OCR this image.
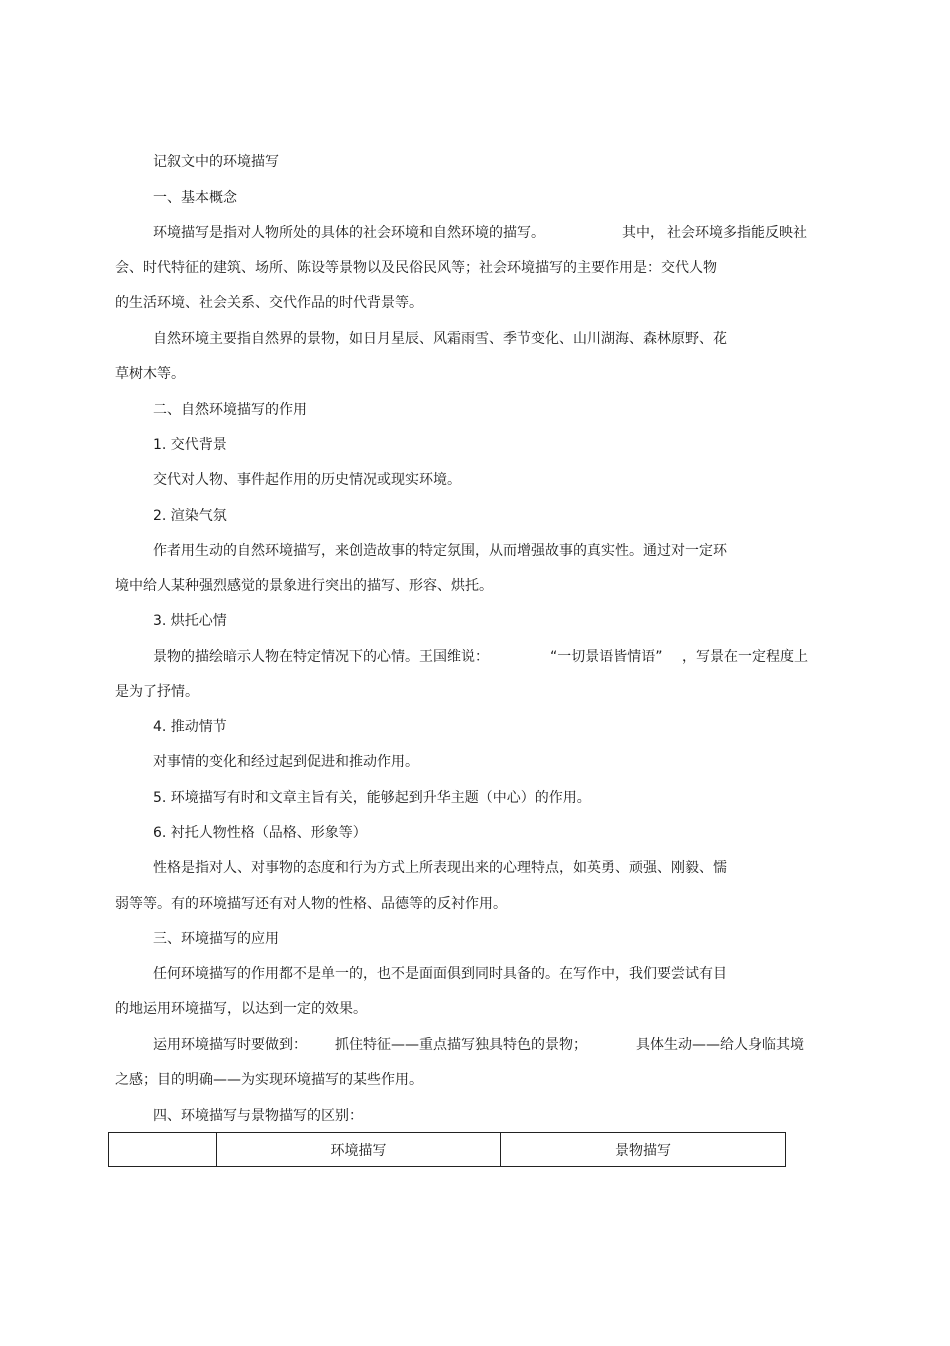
记叙文中的环境描写
一、基本概念
环境描写是指对人物所处的具体的社会环境和自然环境的描写。	其中， 社会环境多指能反映社
会、时代特征的建筑、场所、陈设等景物以及民俗民风等；社会环境描写的主要作用是：交代人物
的生活环境、社会关系、交代作品的时代背景等。
自然环境主要指自然界的景物，如日月星辰、风霜雨雪、季节变化、山川湖海、森林原野、花
草树木等。
二、自然环境描写的作用
1. 交代背景
交代对人物、事件起作用的历史情况或现实环境。
2. 渲染气氛
作者用生动的自然环境描写，来创造故事的特定氛围，从而增强故事的真实性。通过对一定环
境中给人某种强烈感觉的景象进行突出的描写、形容、烘托。
3. 烘托心情
景物的描绘暗示人物在特定情况下的心情。王国维说：	“一切景语皆情语” ，写景在一定程度上
是为了抒情。
4. 推动情节
对事情的变化和经过起到促进和推动作用。
5. 环境描写有时和文章主旨有关，能够起到升华主题（中心）的作用。
6. 衬托人物性格（品格、形象等）
性格是指对人、对事物的态度和行为方式上所表现出来的心理特点，如英勇、顽强、刚毅、懦
弱等等。有的环境描写还有对人物的性格、品德等的反衬作用。
三、环境描写的应用
任何环境描写的作用都不是单一的，也不是面面俱到同时具备的。在写作中，我们要尝试有目
的地运用环境描写，以达到一定的效果。
运用环境描写时要做到： 抓住特征——重点描写独具特色的景物；	具体生动——给人身临其境
之感；目的明确——为实现环境描写的某些作用。
四、环境描写与景物描写的区别：
	环境描写	景物描写
